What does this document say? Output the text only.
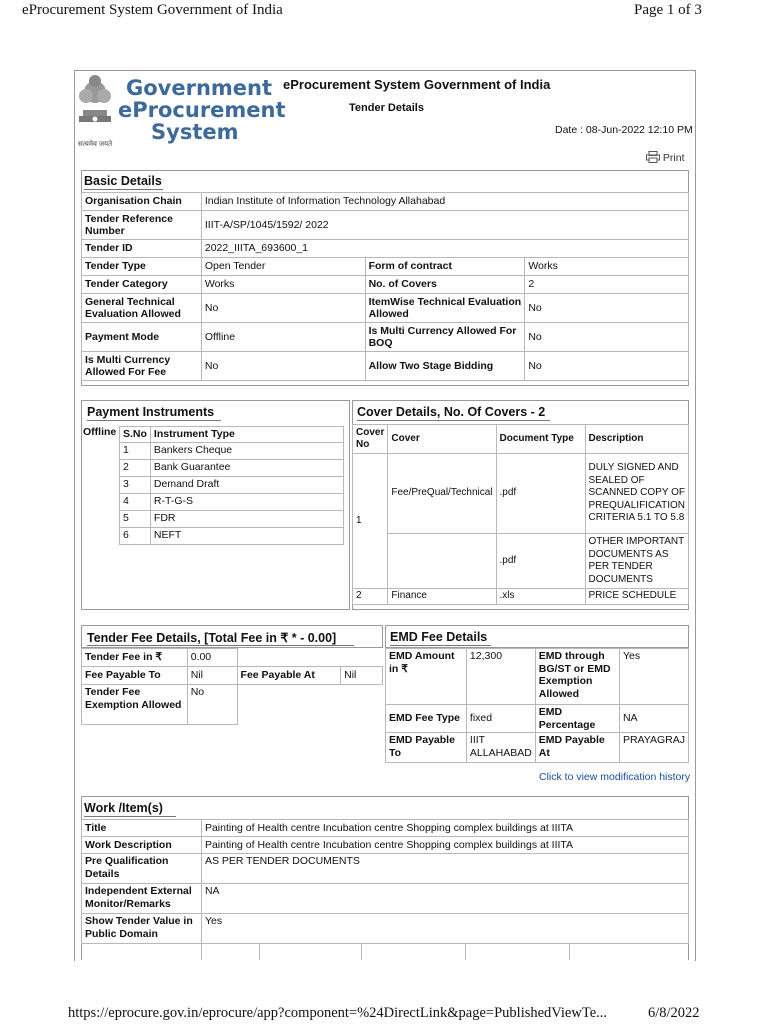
eProcurement System Government of India	Page 1 of 3
सत्यमेव जयते
Government
eProcurement
System
eProcurement System Government of India
Tender Details
Date : 08-Jun-2022 12:10 PM
Print
Basic Details
Organisation Chain	Indian Institute of Information Technology Allahabad		
Tender Reference Number	IIIT-A/SP/1045/1592/ 2022		
Tender ID	2022_IIITA_693600_1		
Tender Type	Open Tender	Form of contract	Works
Tender Category	Works	No. of Covers	2
General Technical Evaluation Allowed	No	ItemWise Technical Evaluation Allowed	No
Payment Mode	Offline	Is Multi Currency Allowed For BOQ	No
Is Multi Currency Allowed For Fee	No	Allow Two Stage Bidding	No
Payment Instruments
Offline S.No	Instrument Type
1	Bankers Cheque
2	Bank Guarantee
3	Demand Draft
4	R-T-G-S
5	FDR
6	NEFT
Cover Details, No. Of Covers - 2
Cover No	Cover	Document Type	Description
1	Fee/PreQual/Technical	.pdf	DULY SIGNED AND SEALED OF SCANNED COPY OF PREQUALIFICATION CRITERIA 5.1 TO 5.8
		.pdf	OTHER IMPORTANT DOCUMENTS AS PER TENDER DOCUMENTS
2	Finance	.xls	PRICE SCHEDULE
Tender Fee Details, [Total Fee in ₹ * - 0.00]
Tender Fee in ₹	0.00		
Fee Payable To	Nil	Fee Payable At	Nil
Tender Fee Exemption Allowed	No		
EMD Fee Details
EMD Amount in ₹	12,300	EMD through BG/ST or EMD Exemption Allowed	Yes
EMD Fee Type	fixed	EMD Percentage	NA
EMD Payable To	IIIT ALLAHABAD	EMD Payable At	PRAYAGRAJ
Click to view modification history
Work /Item(s)
Title	Painting of Health centre Incubation centre Shopping complex buildings at IIITA
Work Description	Painting of Health centre Incubation centre Shopping complex buildings at IIITA
Pre Qualification Details	AS PER TENDER DOCUMENTS
Independent External Monitor/Remarks	NA
Show Tender Value in Public Domain	Yes
https://eprocure.gov.in/eprocure/app?component=%24DirectLink&page=PublishedViewTe...	6/8/2022
